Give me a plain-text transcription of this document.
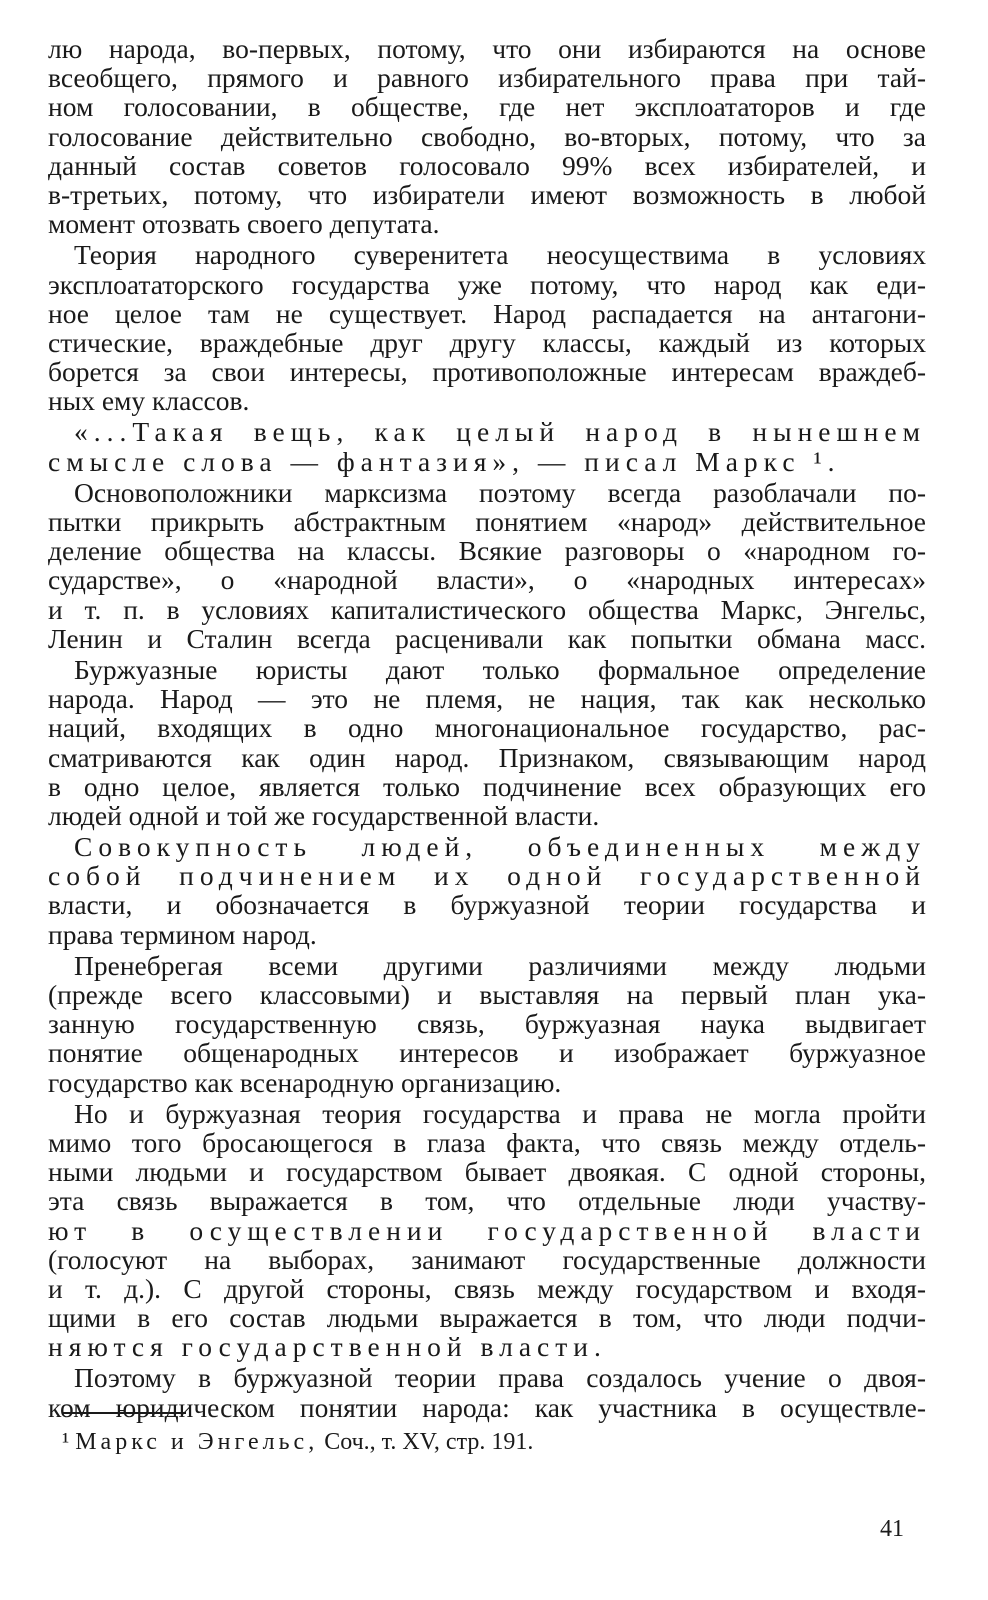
лю народа, во-первых, потому, что они избираются на основе
всеобщего, прямого и равного избирательного права при тай-
ном голосовании, в обществе, где нет эксплоататоров и где
голосование действительно свободно, во-вторых, потому, что за
данный состав советов голосовало 99% всех избирателей, и
в-третьих, потому, что избиратели имеют возможность в любой
момент отозвать своего депутата.
Теория народного суверенитета неосуществима в условиях
эксплоататорского государства уже потому, что народ как еди-
ное целое там не существует. Народ распадается на антагони-
стические, враждебные друг другу классы, каждый из которых
борется за свои интересы, противоположные интересам враждеб-
ных ему классов.
«...Такая вещь, как целый народ в нынешнем
смысле слова — фантазия», — писал Маркс ¹.
Основоположники марксизма поэтому всегда разоблачали по-
пытки прикрыть абстрактным понятием «народ» действительное
деление общества на классы. Всякие разговоры о «народном го-
сударстве», о «народной власти», о «народных интересах»
и т. п. в условиях капиталистического общества Маркс, Энгельс,
Ленин и Сталин всегда расценивали как попытки обмана масс.
Буржуазные юристы дают только формальное определение
народа. Народ — это не племя, не нация, так как несколько
наций, входящих в одно многонациональное государство, рас-
сматриваются как один народ. Признаком, связывающим народ
в одно целое, является только подчинение всех образующих его
людей одной и той же государственной власти.
Совокупность людей, объединенных между
собой подчинением их одной государственной
власти, и обозначается в буржуазной теории государства и
права термином народ.
Пренебрегая всеми другими различиями между людьми
(прежде всего классовыми) и выставляя на первый план ука-
занную государственную связь, буржуазная наука выдвигает
понятие общенародных интересов и изображает буржуазное
государство как всенародную организацию.
Но и буржуазная теория государства и права не могла пройти
мимо того бросающегося в глаза факта, что связь между отдель-
ными людьми и государством бывает двоякая. С одной стороны,
эта связь выражается в том, что отдельные люди участву-
ют в осуществлении государственной власти
(голосуют на выборах, занимают государственные должности
и т. д.). С другой стороны, связь между государством и входя-
щими в его состав людьми выражается в том, что люди подчи-
няются государственной власти.
Поэтому в буржуазной теории права создалось учение о двоя-
ком юридическом понятии народа: как участника в осуществле-
¹ Маркс и Энгельс, Соч., т. XV, стр. 191.
41
